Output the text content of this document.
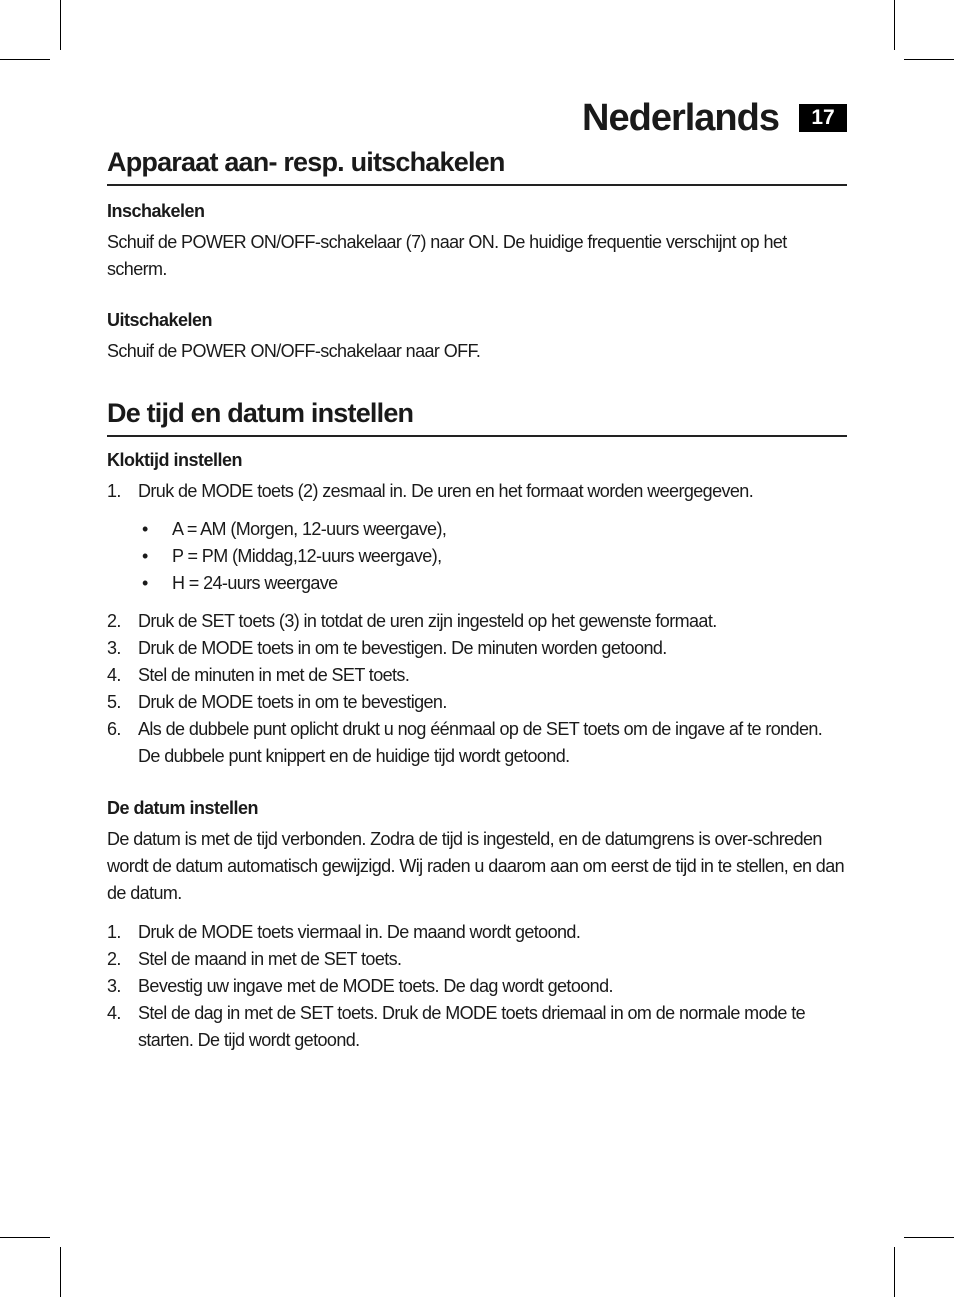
Nederlands	17
Apparaat aan- resp. uitschakelen
Inschakelen

Schuif de POWER ON/OFF-schakelaar (7) naar ON. De huidige frequentie verschijnt op het scherm.

Uitschakelen

Schuif de POWER ON/OFF-schakelaar naar OFF.

De tijd en datum instellen
Kloktijd instellen
1. Druk de MODE toets (2) zesmaal in. De uren en het formaat worden weergegeven.
• A = AM (Morgen, 12-uurs weergave),
• P = PM (Middag,12-uurs weergave),
• H = 24-uurs weergave
2. Druk de SET toets (3) in totdat de uren zijn ingesteld op het gewenste formaat.
3. Druk de MODE toets in om te bevestigen. De minuten worden getoond.
4. Stel de minuten in met de SET toets.
5. Druk de MODE toets in om te bevestigen.
6. Als de dubbele punt oplicht drukt u nog éénmaal op de SET toets om de ingave af te ronden. De dubbele punt knippert en de huidige tijd wordt getoond.
De datum instellen

De datum is met de tijd verbonden. Zodra de tijd is ingesteld, en de datumgrens is over-schreden wordt de datum automatisch gewijzigd. Wij raden u daarom aan om eerst de tijd in te stellen, en dan de datum.

1. Druk de MODE toets viermaal in. De maand wordt getoond.
2. Stel de maand in met de SET toets.
3. Bevestig uw ingave met de MODE toets. De dag wordt getoond.
4. Stel de dag in met de SET toets. Druk de MODE toets driemaal in om de normale mode te starten. De tijd wordt getoond.
